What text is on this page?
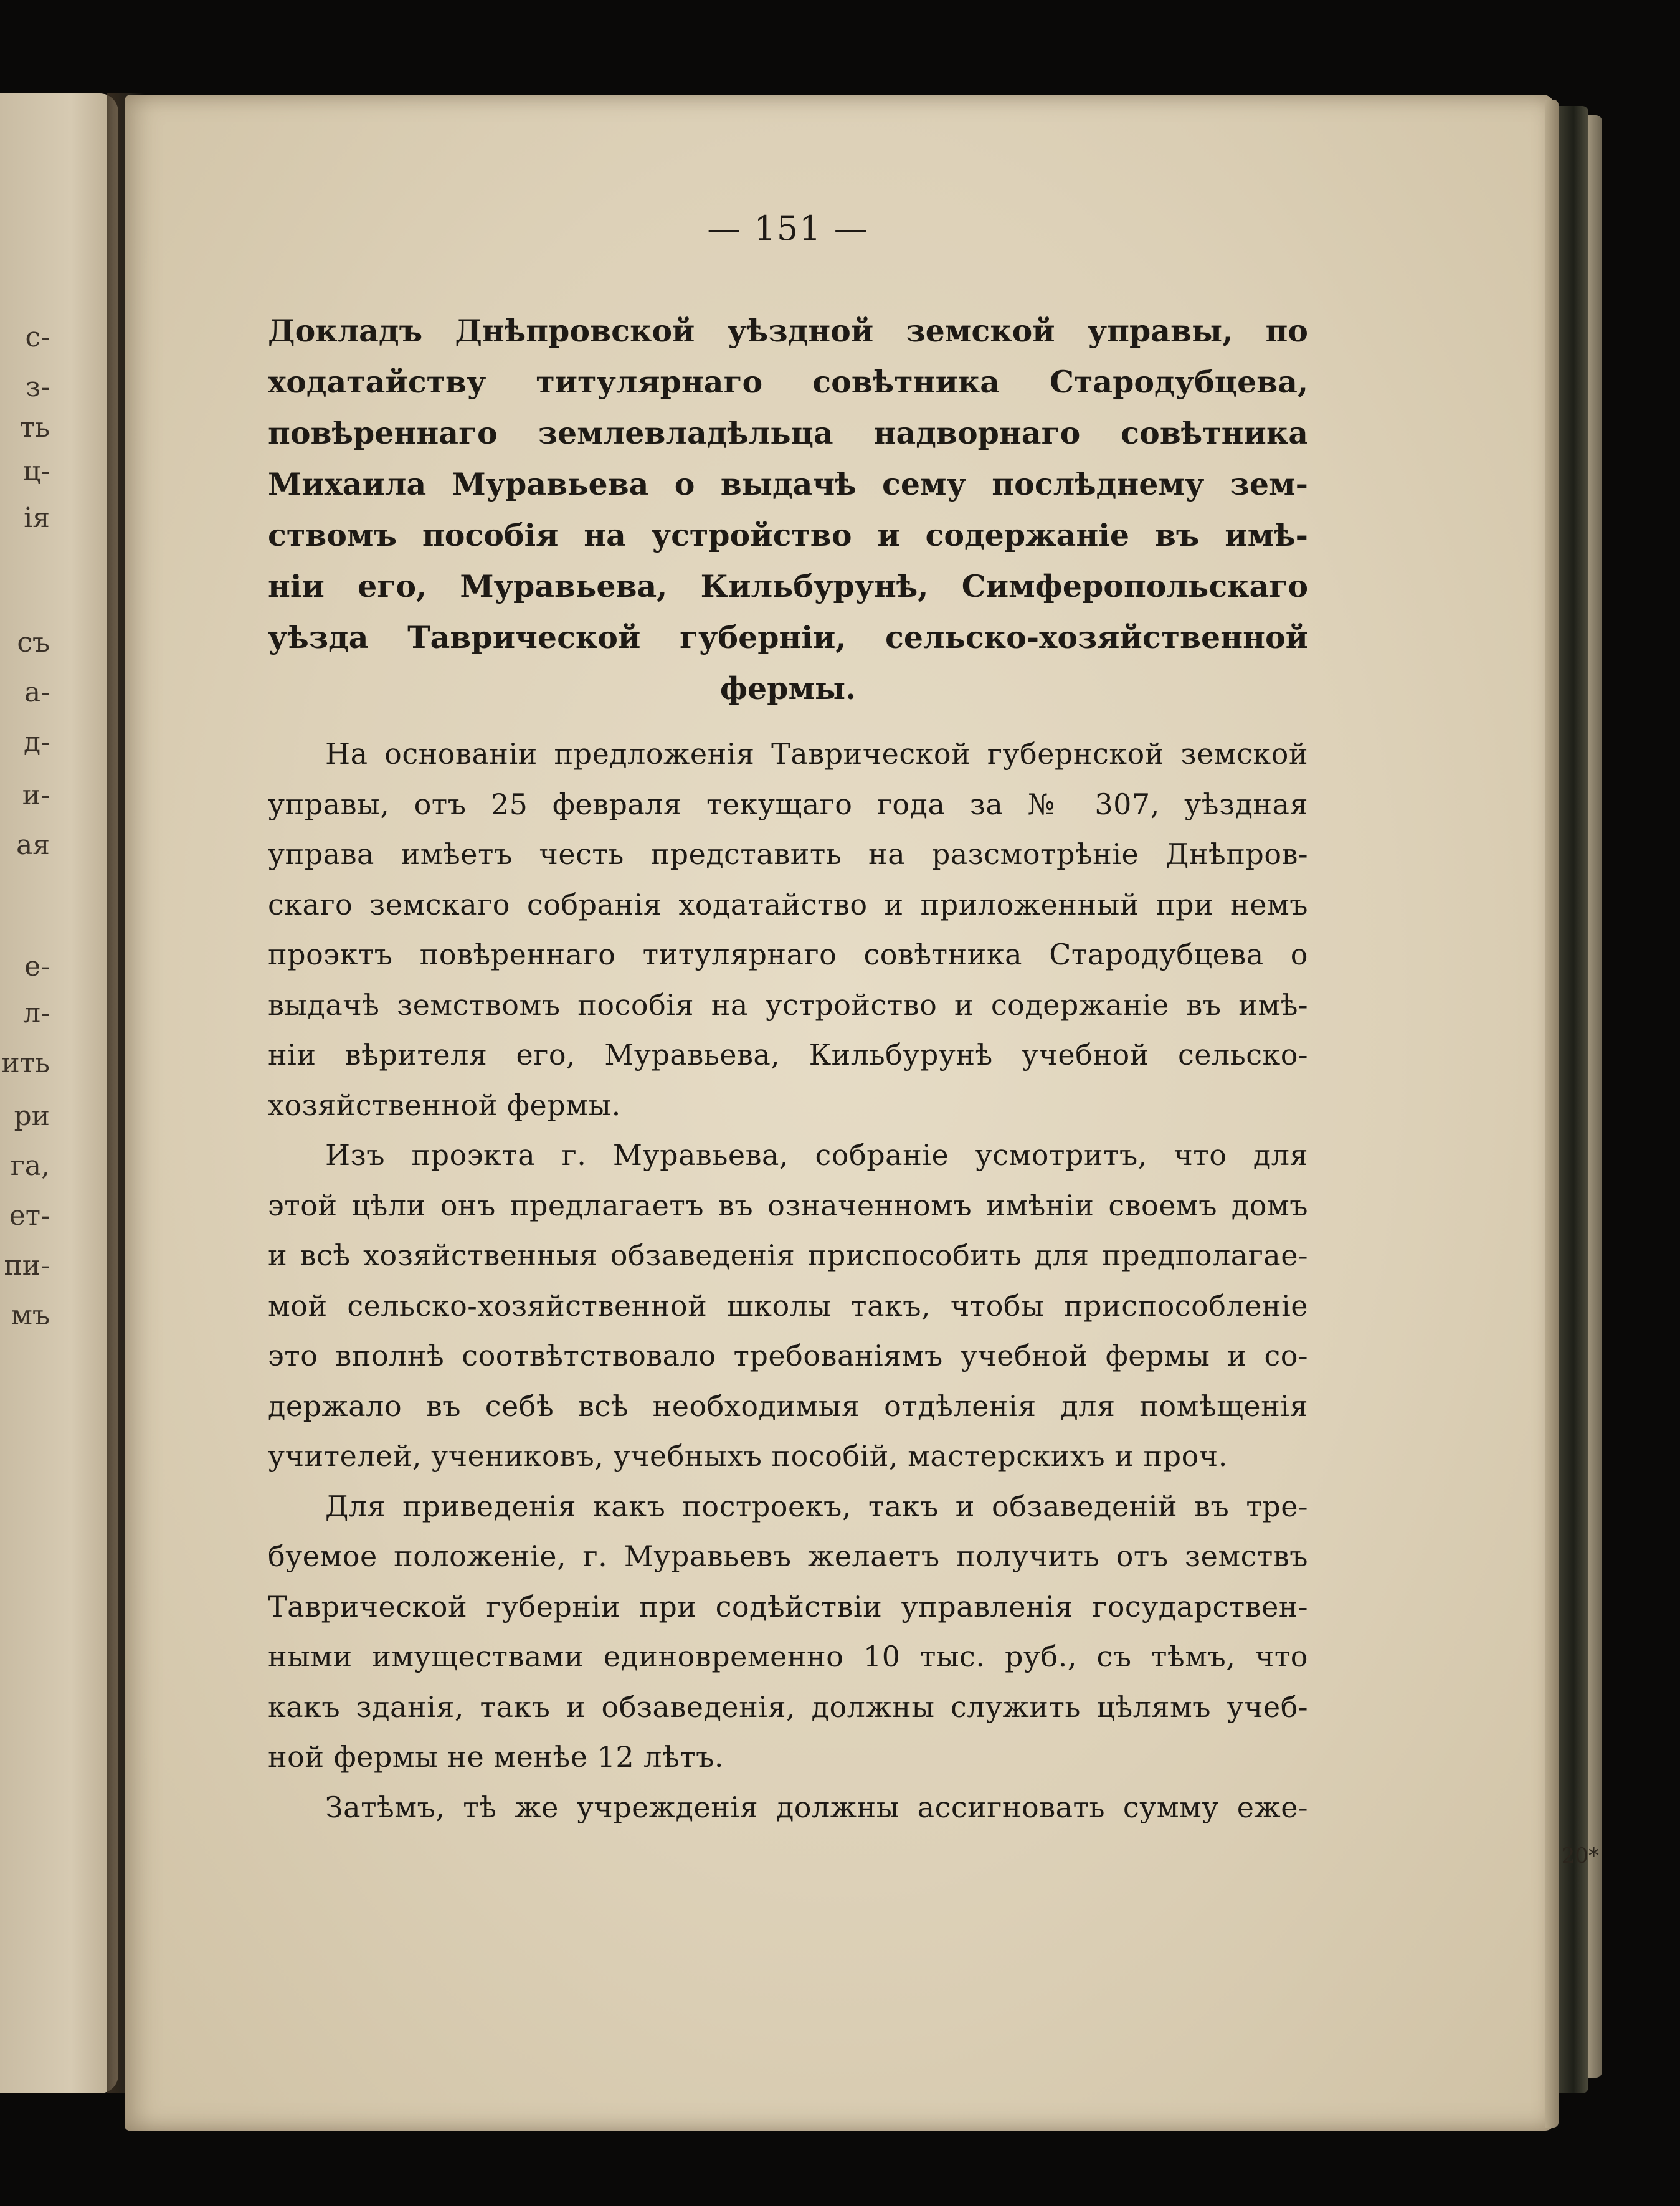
с-
з-
ть
ц-
ія
съ
а-
д-
и-
ая
е-
л-
ить
ри
га,
ет-
пи-
мъ
— 151 —
Докладъ Днѣпровской уѣздной земской управы, по
ходатайству титулярнаго совѣтника Стародубцева,
повѣреннаго землевладѣльца надворнаго совѣтника
Михаила Муравьева о выдачѣ сему послѣднему зем-
ствомъ пособія на устройство и содержаніе въ имѣ-
ніи его, Муравьева, Кильбурунѣ, Симферопольскаго
уѣзда Таврической губерніи, сельско-хозяйственной
фермы.
На основаніи предложенія Таврической губернской земской
управы, отъ 25 февраля текущаго года за № 307, уѣздная
управа имѣетъ честь представить на разсмотрѣніе Днѣпров-
скаго земскаго собранія ходатайство и приложенный при немъ
проэктъ повѣреннаго титулярнаго совѣтника Стародубцева о
выдачѣ земствомъ пособія на устройство и содержаніе въ имѣ-
ніи вѣрителя его, Муравьева, Кильбурунѣ учебной сельско-
хозяйственной фермы.
Изъ проэкта г. Муравьева, собраніе усмотритъ, что для
этой цѣли онъ предлагаетъ въ означенномъ имѣніи своемъ домъ
и всѣ хозяйственныя обзаведенія приспособить для предполагае-
мой сельско-хозяйственной школы такъ, чтобы приспособленіе
это вполнѣ соотвѣтствовало требованіямъ учебной фермы и со-
держало въ себѣ всѣ необходимыя отдѣленія для помѣщенія
учителей, учениковъ, учебныхъ пособій, мастерскихъ и проч.
Для приведенія какъ построекъ, такъ и обзаведеній въ тре-
буемое положеніе, г. Муравьевъ желаетъ получить отъ земствъ
Таврической губерніи при содѣйствіи управленія государствен-
ными имуществами единовременно 10 тыс. руб., съ тѣмъ, что
какъ зданія, такъ и обзаведенія, должны служить цѣлямъ учеб-
ной фермы не менѣе 12 лѣтъ.
Затѣмъ, тѣ же учрежденія должны ассигновать сумму еже-
20*
